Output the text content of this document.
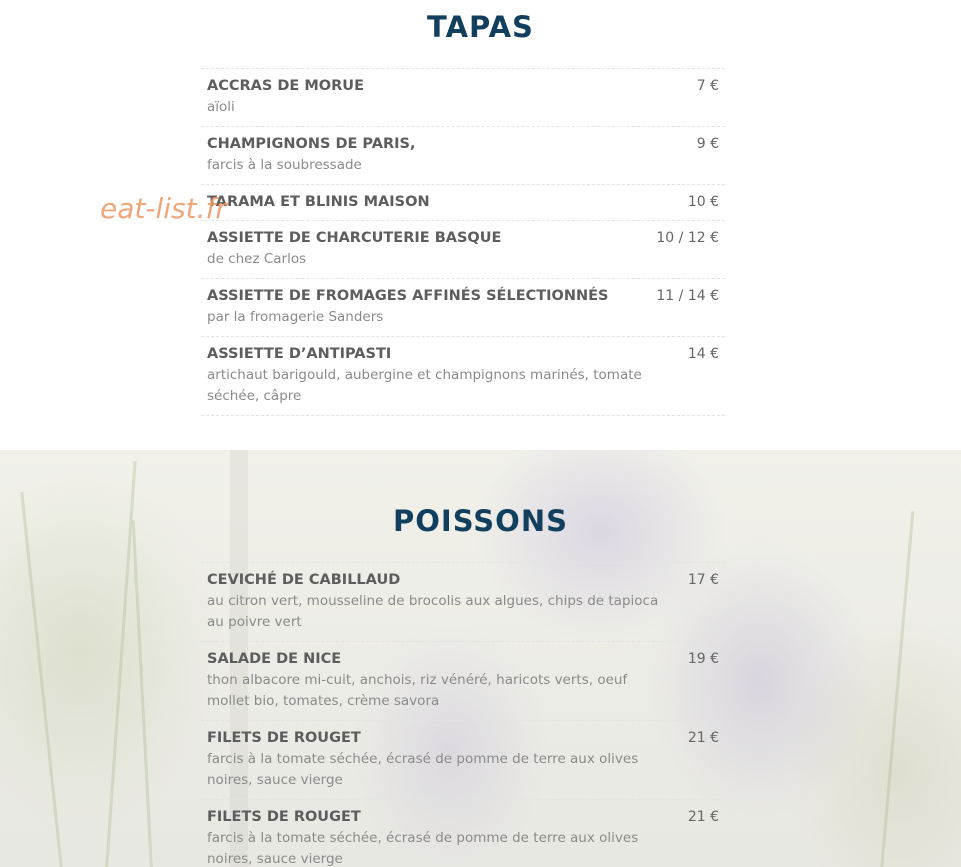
TAPAS
ACCRAS DE MORUE	7 €
aïoli
CHAMPIGNONS DE PARIS,	9 €
farcis à la soubressade
TARAMA ET BLINIS MAISON	10 €
ASSIETTE DE CHARCUTERIE BASQUE	10 / 12 €
de chez Carlos
ASSIETTE DE FROMAGES AFFINÉS SÉLECTIONNÉS	11 / 14 €
par la fromagerie Sanders
ASSIETTE D’ANTIPASTI	14 €
artichaut barigould, aubergine et champignons marinés, tomate séchée, câpre
POISSONS
CEVICHÉ DE CABILLAUD	17 €
au citron vert, mousseline de brocolis aux algues, chips de tapioca au poivre vert
SALADE DE NICE	19 €
thon albacore mi-cuit, anchois, riz vénéré, haricots verts, oeuf mollet bio, tomates, crème savora
FILETS DE ROUGET	21 €
farcis à la tomate séchée, écrasé de pomme de terre aux olives noires, sauce vierge
FILETS DE ROUGET	21 €
farcis à la tomate séchée, écrasé de pomme de terre aux olives noires, sauce vierge
eat-list.fr
